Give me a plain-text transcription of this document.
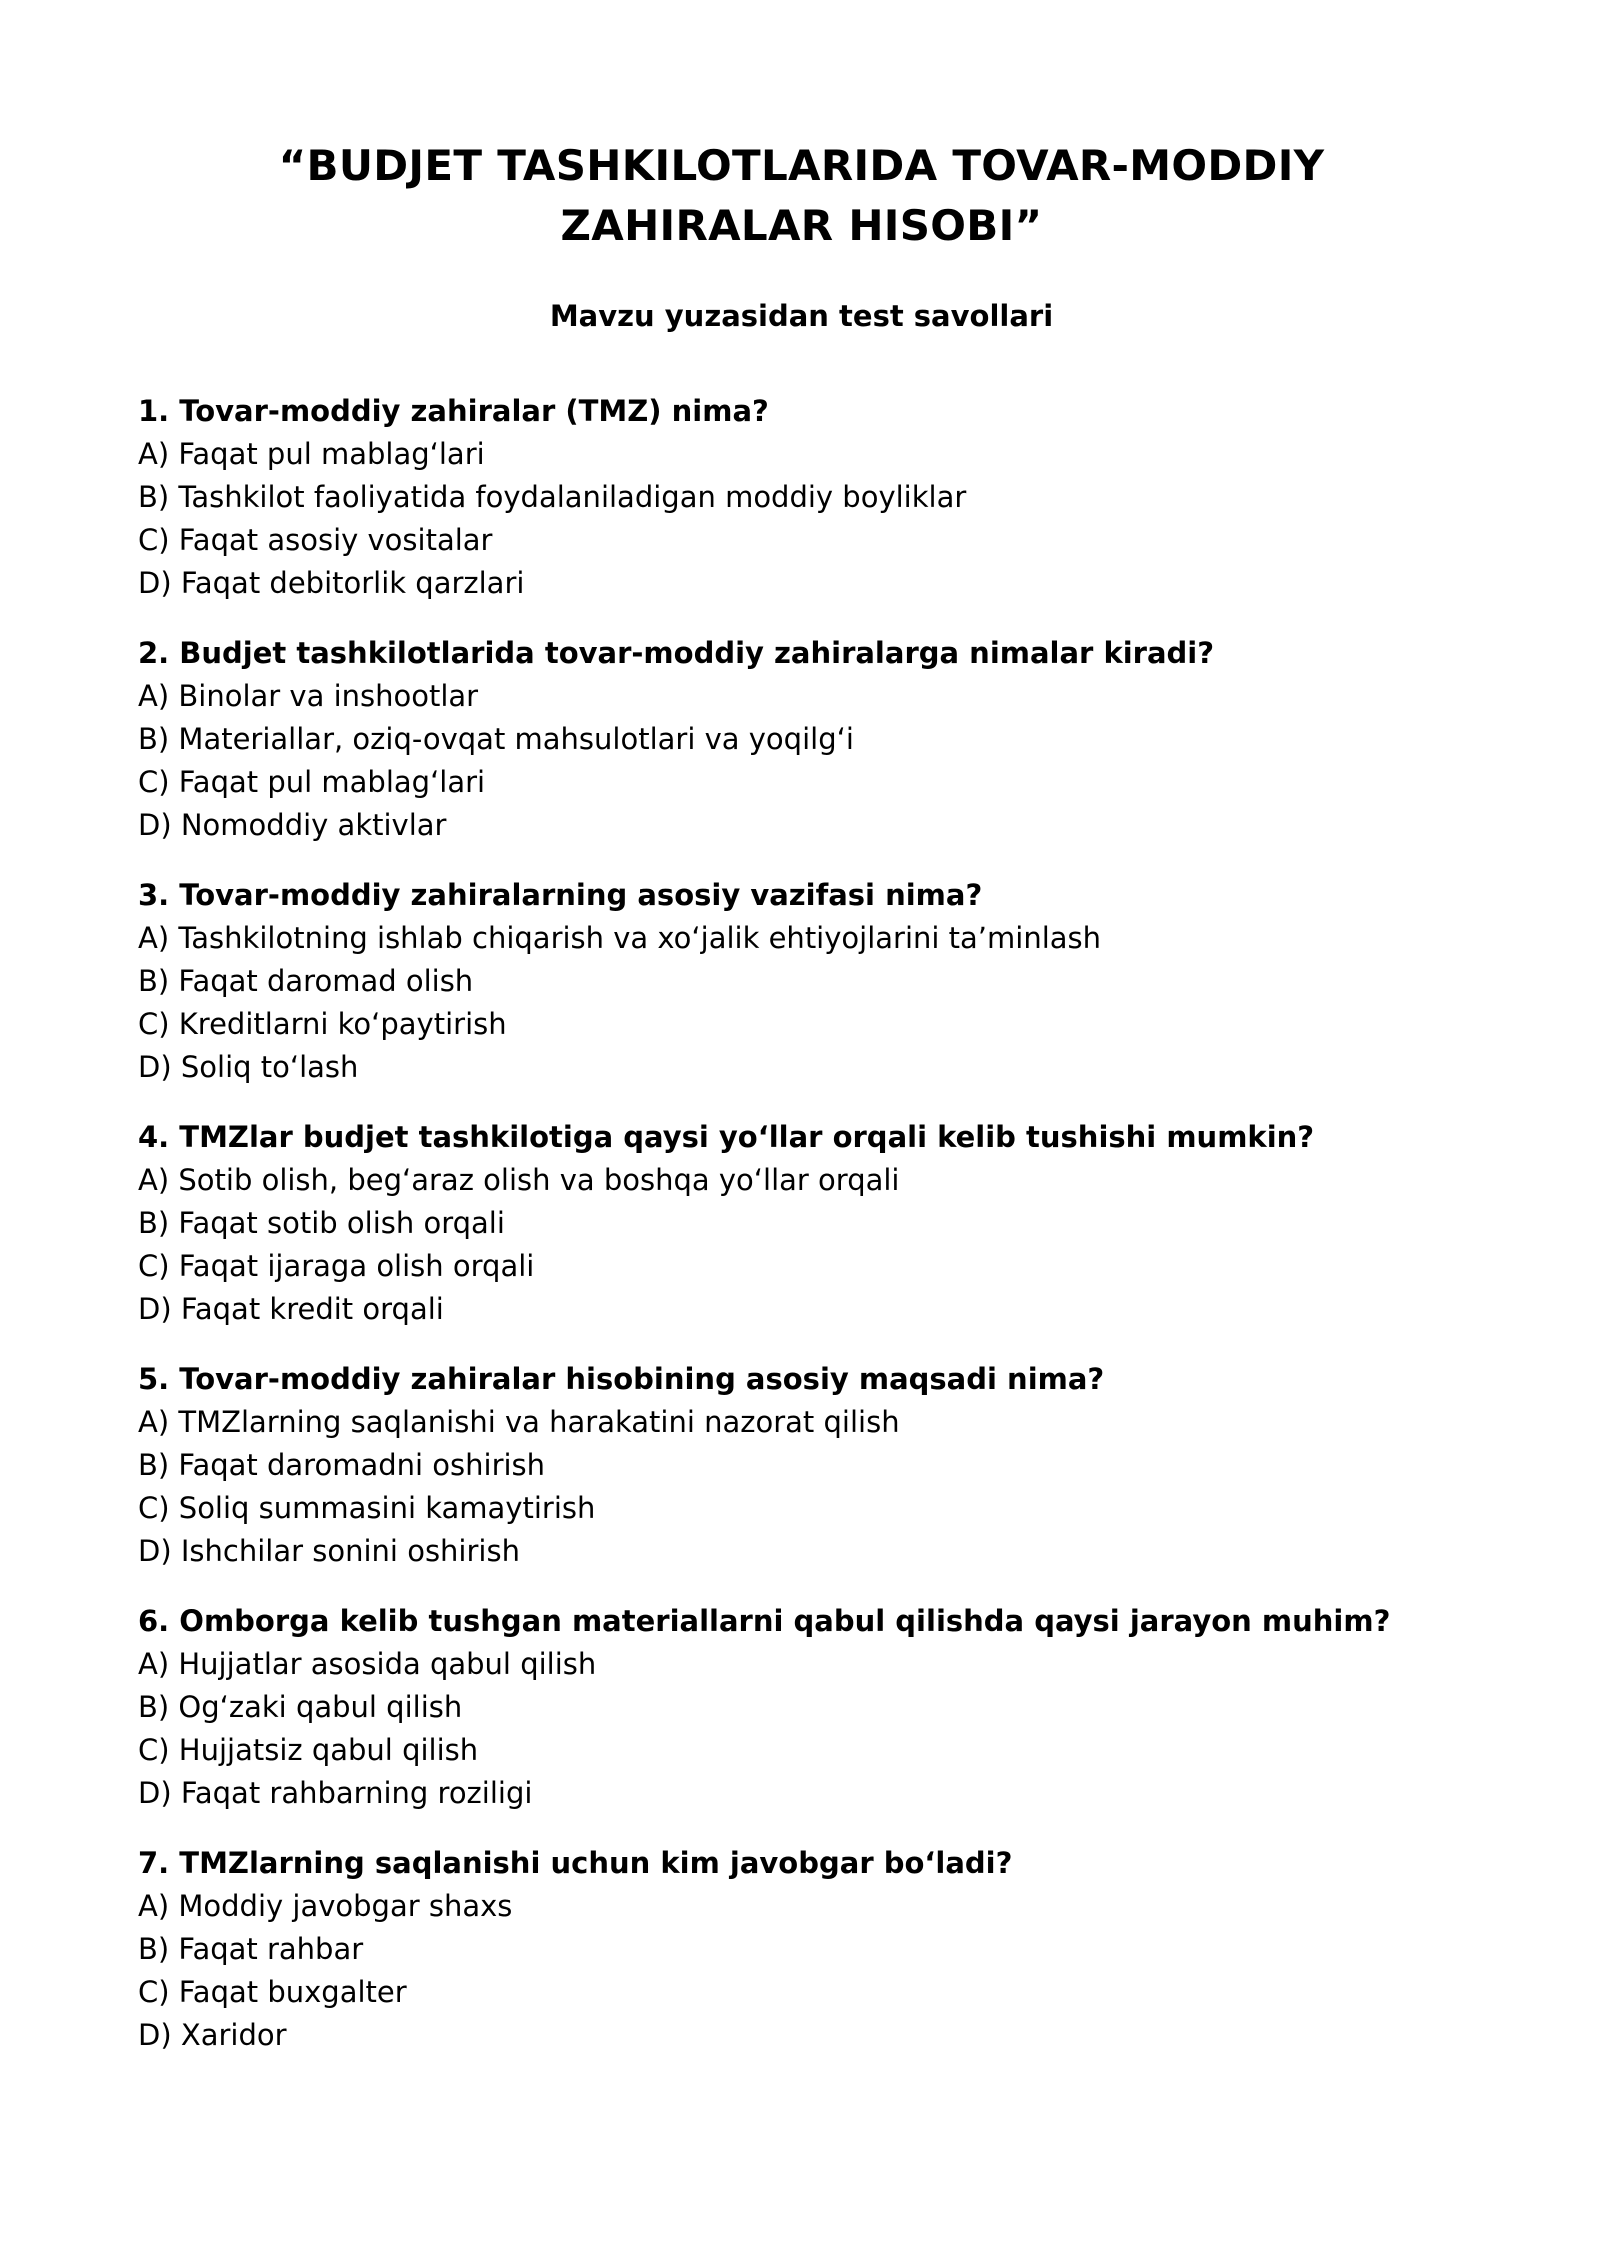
“BUDJET TASHKILOTLARIDA TOVAR-MODDIY
ZAHIRALAR HISOBI”
Mavzu yuzasidan test savollari
1. Tovar-moddiy zahiralar (TMZ) nima?
A) Faqat pul mablag‘lari
B) Tashkilot faoliyatida foydalaniladigan moddiy boyliklar
C) Faqat asosiy vositalar
D) Faqat debitorlik qarzlari
2. Budjet tashkilotlarida tovar-moddiy zahiralarga nimalar kiradi?
A) Binolar va inshootlar
B) Materiallar, oziq-ovqat mahsulotlari va yoqilg‘i
C) Faqat pul mablag‘lari
D) Nomoddiy aktivlar
3. Tovar-moddiy zahiralarning asosiy vazifasi nima?
A) Tashkilotning ishlab chiqarish va xo‘jalik ehtiyojlarini ta’minlash
B) Faqat daromad olish
C) Kreditlarni ko‘paytirish
D) Soliq to‘lash
4. TMZlar budjet tashkilotiga qaysi yo‘llar orqali kelib tushishi mumkin?
A) Sotib olish, beg‘araz olish va boshqa yo‘llar orqali
B) Faqat sotib olish orqali
C) Faqat ijaraga olish orqali
D) Faqat kredit orqali
5. Tovar-moddiy zahiralar hisobining asosiy maqsadi nima?
A) TMZlarning saqlanishi va harakatini nazorat qilish
B) Faqat daromadni oshirish
C) Soliq summasini kamaytirish
D) Ishchilar sonini oshirish
6. Omborga kelib tushgan materiallarni qabul qilishda qaysi jarayon muhim?
A) Hujjatlar asosida qabul qilish
B) Og‘zaki qabul qilish
C) Hujjatsiz qabul qilish
D) Faqat rahbarning roziligi
7. TMZlarning saqlanishi uchun kim javobgar bo‘ladi?
A) Moddiy javobgar shaxs
B) Faqat rahbar
C) Faqat buxgalter
D) Xaridor
